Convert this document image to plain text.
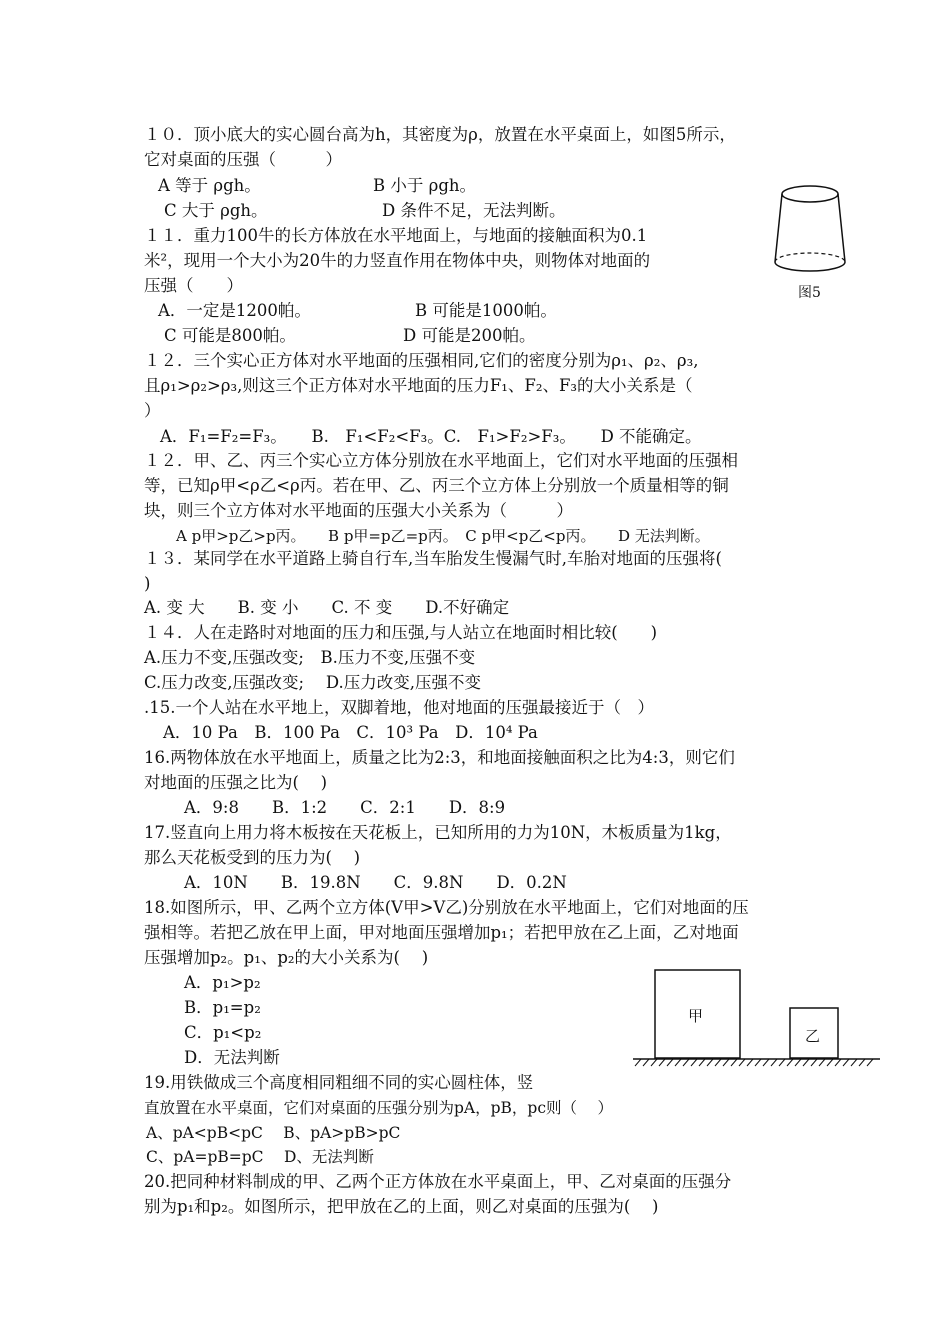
图5
甲
乙
１０．顶小底大的实心圆台高为h，其密度为ρ，放置在水平桌面上，如图5所示，
它对桌面的压强（　　　）
A 等于 ρgh。	B 小于 ρgh。
C 大于 ρgh。	D 条件不足，无法判断。
１１．重力100牛的长方体放在水平地面上，与地面的接触面积为0.1
米²，现用一个大小为20牛的力竖直作用在物体中央，则物体对地面的
压强（　　）
A．一定是1200帕。	B 可能是1000帕。
C 可能是800帕。	D 可能是200帕。
１２．三个实心正方体对水平地面的压强相同,它们的密度分别为ρ₁、ρ₂、ρ₃,
且ρ₁>ρ₂>ρ₃,则这三个正方体对水平地面的压力F₁、F₂、F₃的大小关系是（
）
A．F₁=F₂=F₃。　　B.　F₁<F₂<F₃。C.　F₁>F₂>F₃。　　D 不能确定。
１２．甲、乙、丙三个实心立方体分别放在水平地面上，它们对水平地面的压强相
等，已知ρ甲<ρ乙<ρ丙。若在甲、乙、丙三个立方体上分别放一个质量相等的铜
块，则三个立方体对水平地面的压强大小关系为（　　　）
A p甲>p乙>p丙。　　B p甲=p乙=p丙。　C p甲<p乙<p丙。　　D 无法判断。
１３．某同学在水平道路上骑自行车,当车胎发生慢漏气时,车胎对地面的压强将(
)
A. 变 大　　B. 变 小　　C. 不 变　　D.不好确定
１４．人在走路时对地面的压力和压强,与人站立在地面时相比较(　　)
A.压力不变,压强改变;　B.压力不变,压强不变
C.压力改变,压强改变;　 D.压力改变,压强不变
.15.一个人站在水平地上，双脚着地，他对地面的压强最接近于（　）
A．10 Pa　B．100 Pa　C．10³ Pa　D．10⁴ Pa
16.两物体放在水平地面上，质量之比为2:3，和地面接触面积之比为4:3，则它们
对地面的压强之比为(　 )
A．9:8　　B．1:2　　C．2:1　　D．8:9
17.竖直向上用力将木板按在天花板上，已知所用的力为10N，木板质量为1kg，
那么天花板受到的压力为(　 )
A．10N　　B．19.8N　　C．9.8N　　D．0.2N
18.如图所示，甲、乙两个立方体(V甲>V乙)分别放在水平地面上，它们对地面的压
强相等。若把乙放在甲上面，甲对地面压强增加p₁；若把甲放在乙上面，乙对地面
压强增加p₂。p₁、p₂的大小关系为(　 )
A．p₁>p₂
B．p₁=p₂
C．p₁<p₂
D．无法判断
19.用铁做成三个高度相同粗细不同的实心圆柱体，竖
直放置在水平桌面，它们对桌面的压强分别为pA，pB，pc则（　 ）
A、pA<pB<pC　 B、pA>pB>pC
C、pA=pB=pC　 D、无法判断
20.把同种材料制成的甲、乙两个正方体放在水平桌面上，甲、乙对桌面的压强分
别为p₁和p₂。如图所示，把甲放在乙的上面，则乙对桌面的压强为(　 )
